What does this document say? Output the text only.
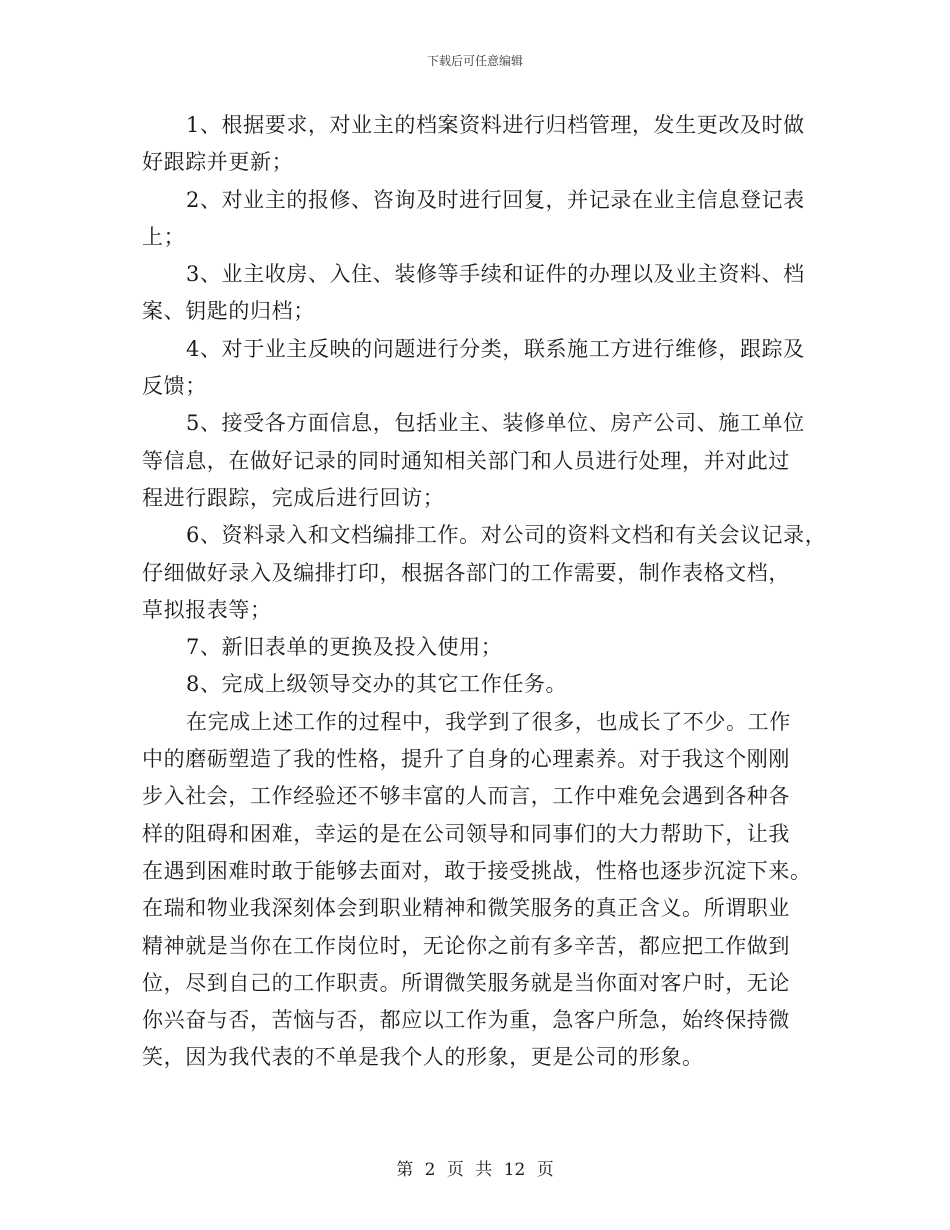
下载后可任意编辑
1、根据要求，对业主的档案资料进行归档管理，发生更改及时做
好跟踪并更新；
2、对业主的报修、咨询及时进行回复，并记录在业主信息登记表
上；
3、业主收房、入住、装修等手续和证件的办理以及业主资料、档
案、钥匙的归档；
4、对于业主反映的问题进行分类，联系施工方进行维修，跟踪及
反馈；
5、接受各方面信息，包括业主、装修单位、房产公司、施工单位
等信息，在做好记录的同时通知相关部门和人员进行处理，并对此过
程进行跟踪，完成后进行回访；
6、资料录入和文档编排工作。对公司的资料文档和有关会议记录，
仔细做好录入及编排打印，根据各部门的工作需要，制作表格文档，
草拟报表等；
7、新旧表单的更换及投入使用；
8、完成上级领导交办的其它工作任务。
在完成上述工作的过程中，我学到了很多，也成长了不少。工作
中的磨砺塑造了我的性格，提升了自身的心理素养。对于我这个刚刚
步入社会，工作经验还不够丰富的人而言，工作中难免会遇到各种各
样的阻碍和困难，幸运的是在公司领导和同事们的大力帮助下，让我
在遇到困难时敢于能够去面对，敢于接受挑战，性格也逐步沉淀下来。
在瑞和物业我深刻体会到职业精神和微笑服务的真正含义。所谓职业
精神就是当你在工作岗位时，无论你之前有多辛苦，都应把工作做到
位，尽到自己的工作职责。所谓微笑服务就是当你面对客户时，无论
你兴奋与否，苦恼与否，都应以工作为重，急客户所急，始终保持微
笑，因为我代表的不单是我个人的形象，更是公司的形象。
第 2 页 共 12 页
